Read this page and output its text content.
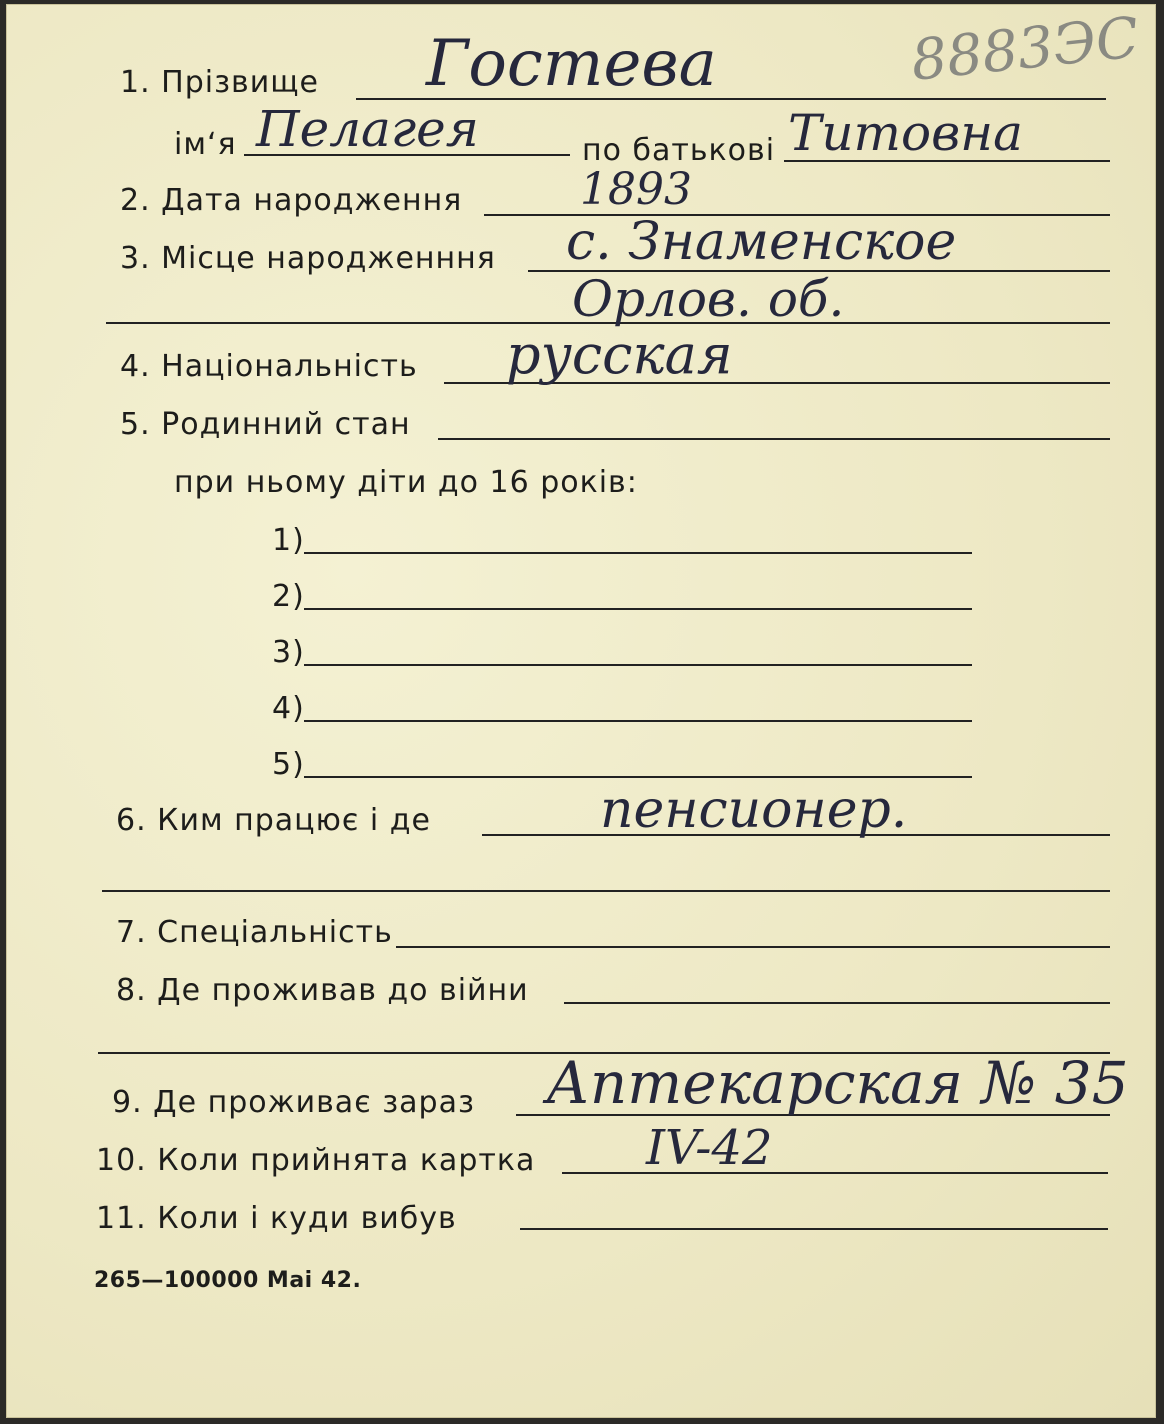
8883ЭС
1. Прізвище Гостева
ім‘я Пелагея	по батькові Титовна
2. Дата народження	1893
3. Місце народженння с. Знаменское
Орлов. об.
4. Національність русская
5. Родинний стан
при ньому діти до 16 років:
1)
2)
3)
4)
5)
6. Ким працює і де	пенсионер.
7. Спеціальність
8. Де проживав до війни
9. Де проживає зараз Аптекарская № 35
10. Коли прийнята картка IV-42
11. Коли і куди вибув
265—100000 Mai 42.
